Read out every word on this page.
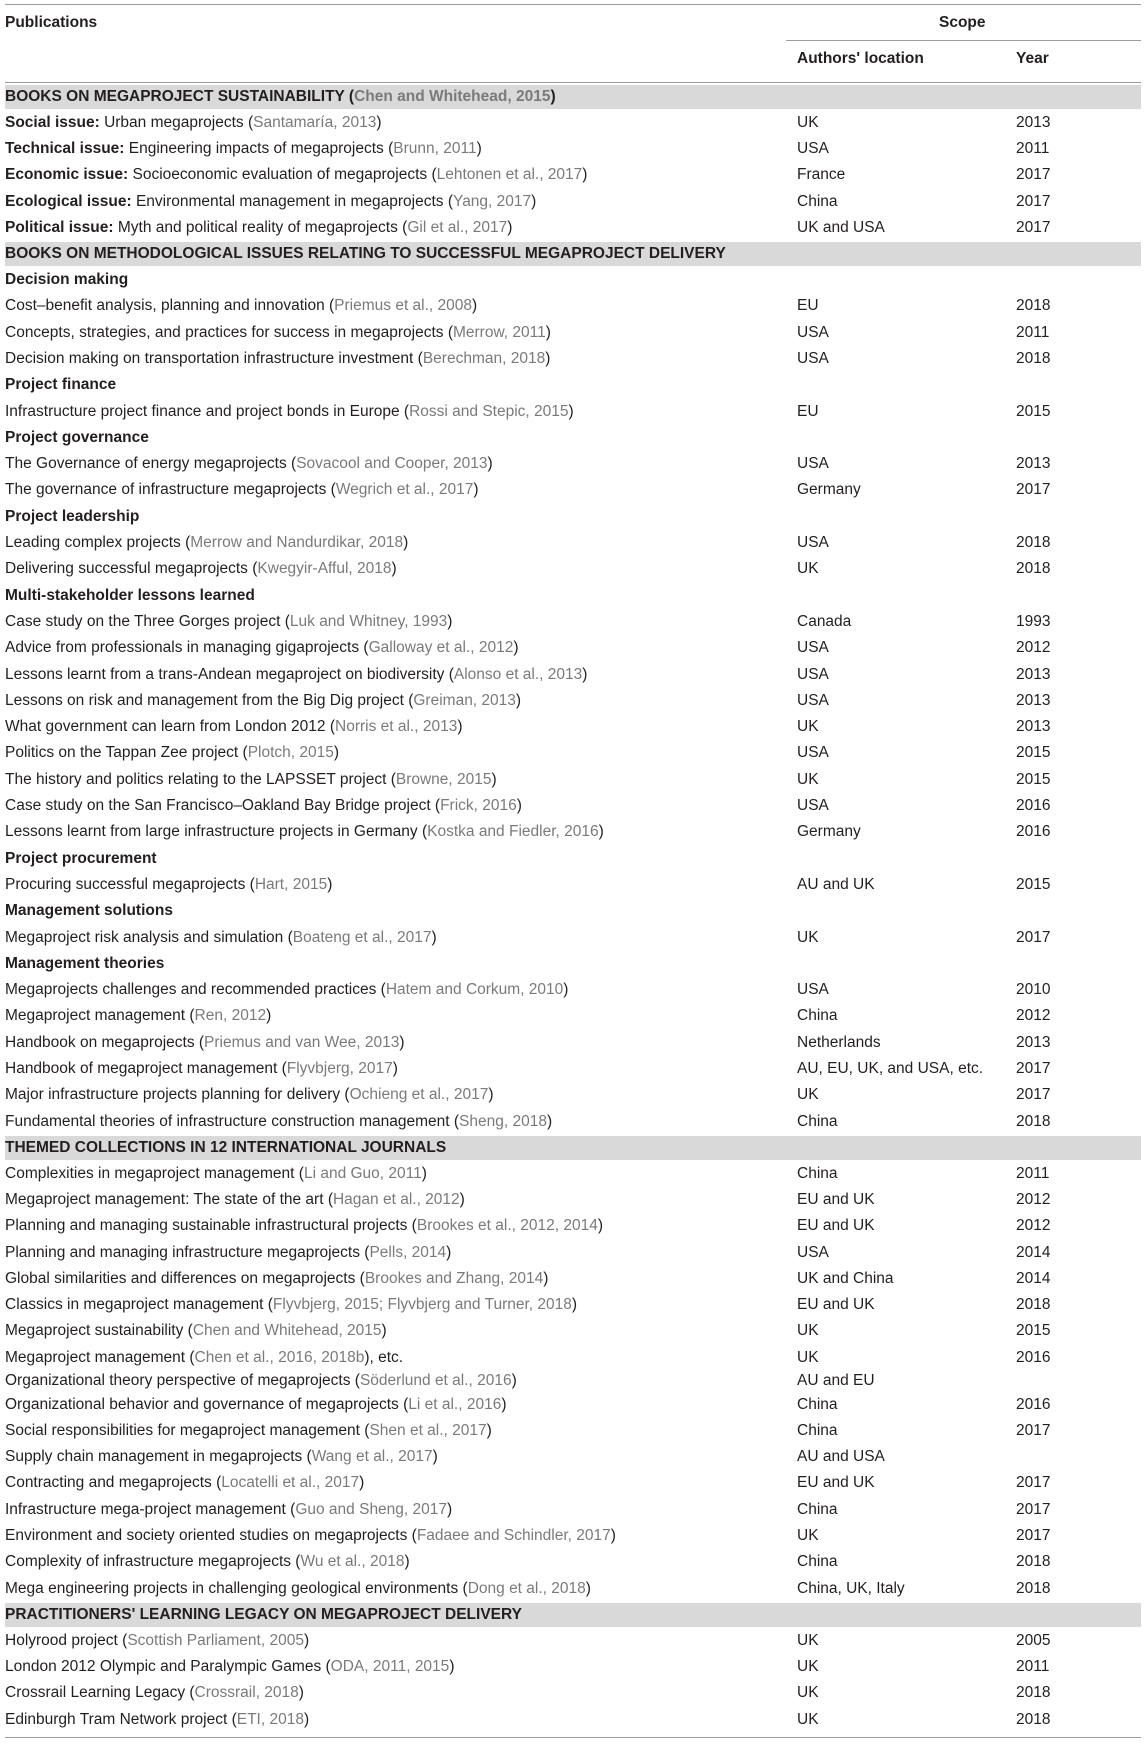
Publications	Scope
Authors' location	Year
BOOKS ON MEGAPROJECT SUSTAINABILITY (Chen and Whitehead, 2015)
Social issue: Urban megaprojects (Santamaría, 2013)	UK	2013
Technical issue: Engineering impacts of megaprojects (Brunn, 2011)	USA	2011
Economic issue: Socioeconomic evaluation of megaprojects (Lehtonen et al., 2017)	France	2017
Ecological issue: Environmental management in megaprojects (Yang, 2017)	China	2017
Political issue: Myth and political reality of megaprojects (Gil et al., 2017)	UK and USA	2017
BOOKS ON METHODOLOGICAL ISSUES RELATING TO SUCCESSFUL MEGAPROJECT DELIVERY
Decision making
Cost–benefit analysis, planning and innovation (Priemus et al., 2008)	EU	2018
Concepts, strategies, and practices for success in megaprojects (Merrow, 2011)	USA	2011
Decision making on transportation infrastructure investment (Berechman, 2018)	USA	2018
Project finance
Infrastructure project finance and project bonds in Europe (Rossi and Stepic, 2015)	EU	2015
Project governance
The Governance of energy megaprojects (Sovacool and Cooper, 2013)	USA	2013
The governance of infrastructure megaprojects (Wegrich et al., 2017)	Germany	2017
Project leadership
Leading complex projects (Merrow and Nandurdikar, 2018)	USA	2018
Delivering successful megaprojects (Kwegyir-Afful, 2018)	UK	2018
Multi-stakeholder lessons learned
Case study on the Three Gorges project (Luk and Whitney, 1993)	Canada	1993
Advice from professionals in managing gigaprojects (Galloway et al., 2012)	USA	2012
Lessons learnt from a trans-Andean megaproject on biodiversity (Alonso et al., 2013)	USA	2013
Lessons on risk and management from the Big Dig project (Greiman, 2013)	USA	2013
What government can learn from London 2012 (Norris et al., 2013)	UK	2013
Politics on the Tappan Zee project (Plotch, 2015)	USA	2015
The history and politics relating to the LAPSSET project (Browne, 2015)	UK	2015
Case study on the San Francisco–Oakland Bay Bridge project (Frick, 2016)	USA	2016
Lessons learnt from large infrastructure projects in Germany (Kostka and Fiedler, 2016)	Germany	2016
Project procurement
Procuring successful megaprojects (Hart, 2015)	AU and UK	2015
Management solutions
Megaproject risk analysis and simulation (Boateng et al., 2017)	UK	2017
Management theories
Megaprojects challenges and recommended practices (Hatem and Corkum, 2010)	USA	2010
Megaproject management (Ren, 2012)	China	2012
Handbook on megaprojects (Priemus and van Wee, 2013)	Netherlands	2013
Handbook of megaproject management (Flyvbjerg, 2017)	AU, EU, UK, and USA, etc. 2017
Major infrastructure projects planning for delivery (Ochieng et al., 2017)	UK	2017
Fundamental theories of infrastructure construction management (Sheng, 2018)	China	2018
THEMED COLLECTIONS IN 12 INTERNATIONAL JOURNALS
Complexities in megaproject management (Li and Guo, 2011)	China	2011
Megaproject management: The state of the art (Hagan et al., 2012)	EU and UK	2012
Planning and managing sustainable infrastructural projects (Brookes et al., 2012, 2014)	EU and UK	2012
Planning and managing infrastructure megaprojects (Pells, 2014)	USA	2014
Global similarities and differences on megaprojects (Brookes and Zhang, 2014)	UK and China	2014
Classics in megaproject management (Flyvbjerg, 2015; Flyvbjerg and Turner, 2018)	EU and UK	2018
Megaproject sustainability (Chen and Whitehead, 2015)	UK	2015
Megaproject management (Chen et al., 2016, 2018b), etc.	UK	2016
Organizational theory perspective of megaprojects (Söderlund et al., 2016)	AU and EU
Organizational behavior and governance of megaprojects (Li et al., 2016)	China	2016
Social responsibilities for megaproject management (Shen et al., 2017)	China	2017
Supply chain management in megaprojects (Wang et al., 2017)	AU and USA
Contracting and megaprojects (Locatelli et al., 2017)	EU and UK	2017
Infrastructure mega-project management (Guo and Sheng, 2017)	China	2017
Environment and society oriented studies on megaprojects (Fadaee and Schindler, 2017)	UK	2017
Complexity of infrastructure megaprojects (Wu et al., 2018)	China	2018
Mega engineering projects in challenging geological environments (Dong et al., 2018)	China, UK, Italy	2018
PRACTITIONERS' LEARNING LEGACY ON MEGAPROJECT DELIVERY
Holyrood project (Scottish Parliament, 2005)	UK	2005
London 2012 Olympic and Paralympic Games (ODA, 2011, 2015)	UK	2011
Crossrail Learning Legacy (Crossrail, 2018)	UK	2018
Edinburgh Tram Network project (ETI, 2018)	UK	2018
